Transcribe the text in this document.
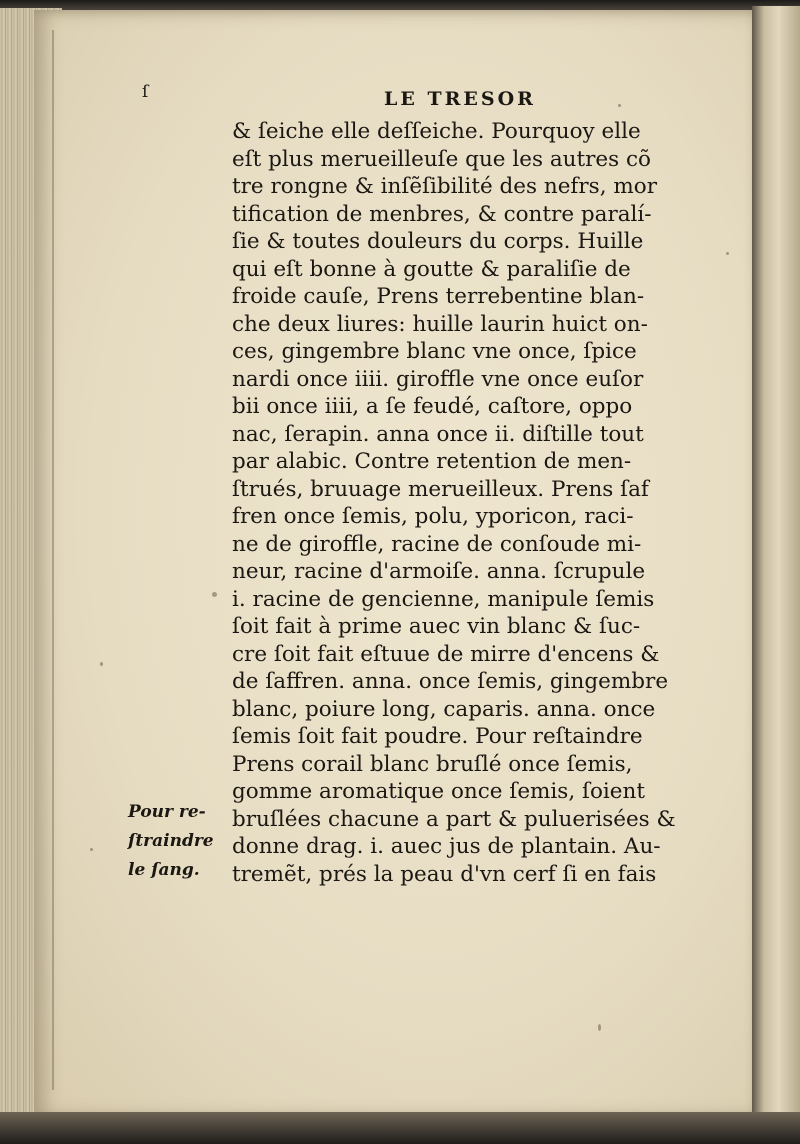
ſ	LE TRESOR
& ſeiche elle deſſeiche. Pourquoy elle
eſt plus merueilleuſe que les autres cõ
tre rongne & inſẽſibilité des nefrs, mor
tification de menbres, & contre paralí-
ſie & toutes douleurs du corps. Huille
qui eſt bonne à goutte & paraliſie de
froide cauſe, Prens terrebentine blan-
che deux liures: huille laurin huict on-
ces, gingembre blanc vne once, ſpice
nardi once iiii. giroffle vne once euſor
bii once iiii, a ſe feudé, caſtore, oppo
nac, ſerapin. anna once ii. diſtille tout
par alabic. Contre retention de men-
ſtrués, bruuage merueilleux. Prens ſaf
fren once ſemis, polu, yporicon, raci-
ne de giroffle, racine de conſoude mi-
neur, racine d'armoiſe. anna. ſcrupule
i. racine de gencienne, manipule ſemis
ſoit fait à prime auec vin blanc & ſuc-
cre ſoit fait eſtuue de mirre d'encens &
de ſaffren. anna. once ſemis, gingembre
blanc, poiure long, caparis. anna. once
ſemis ſoit fait poudre. Pour reſtaindre
Prens corail blanc bruſlé once ſemis,
gomme aromatique once ſemis, ſoient
bruſlées chacune a part & puluerisées &
donne drag. i. auec jus de plantain. Au-
tremẽt, prés la peau d'vn cerf ſi en fais
Pour re-
ſtraindre
le ſang.
